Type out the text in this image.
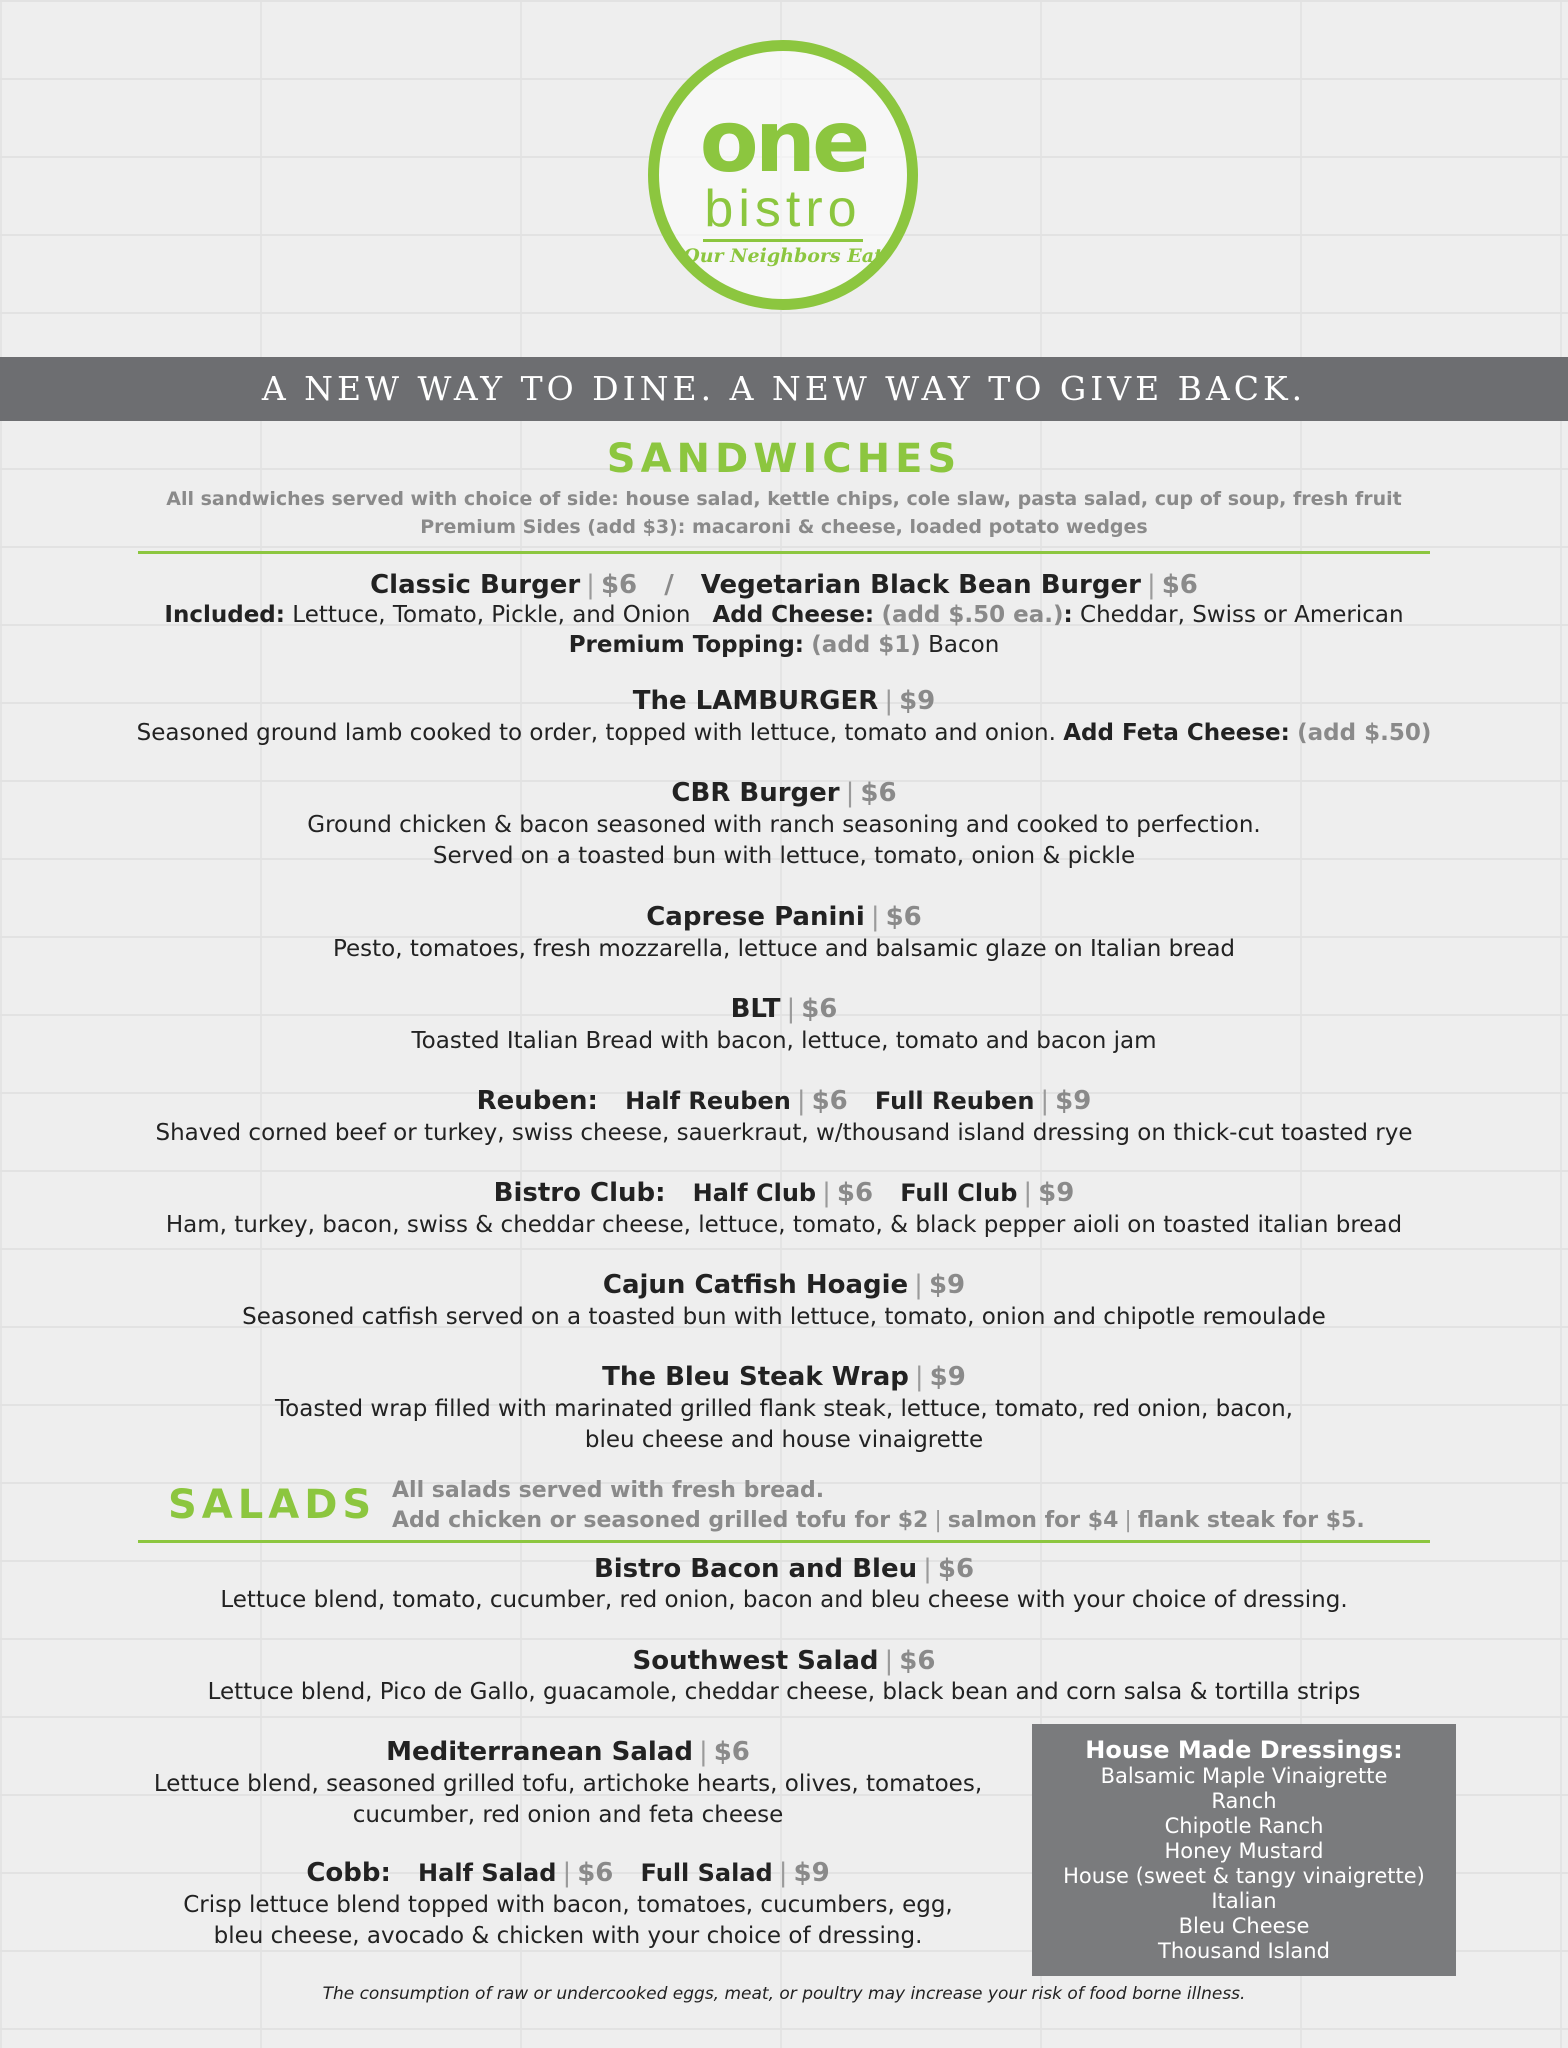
one
bistro
Our Neighbors Eat
A NEW WAY TO DINE. A NEW WAY TO GIVE BACK.
SANDWICHES
All sandwiches served with choice of side: house salad, kettle chips, cole slaw, pasta salad, cup of soup, fresh fruit
Premium Sides (add $3): macaroni & cheese, loaded potato wedges
Classic Burger | $6 / Vegetarian Black Bean Burger | $6
Included: Lettuce, Tomato, Pickle, and Onion Add Cheese: (add $.50 ea.): Cheddar, Swiss or American
Premium Topping: (add $1) Bacon
The LAMBURGER | $9
Seasoned ground lamb cooked to order, topped with lettuce, tomato and onion. Add Feta Cheese: (add $.50)
CBR Burger | $6
Ground chicken & bacon seasoned with ranch seasoning and cooked to perfection.
Served on a toasted bun with lettuce, tomato, onion & pickle
Caprese Panini | $6
Pesto, tomatoes, fresh mozzarella, lettuce and balsamic glaze on Italian bread
BLT | $6
Toasted Italian Bread with bacon, lettuce, tomato and bacon jam
Reuben: Half Reuben | $6 Full Reuben | $9
Shaved corned beef or turkey, swiss cheese, sauerkraut, w/thousand island dressing on thick-cut toasted rye
Bistro Club: Half Club | $6 Full Club | $9
Ham, turkey, bacon, swiss & cheddar cheese, lettuce, tomato, & black pepper aioli on toasted italian bread
Cajun Catfish Hoagie | $9
Seasoned catfish served on a toasted bun with lettuce, tomato, onion and chipotle remoulade
The Bleu Steak Wrap | $9
Toasted wrap filled with marinated grilled flank steak, lettuce, tomato, red onion, bacon,
bleu cheese and house vinaigrette
SALADS All salads served with fresh bread.
Add chicken or seasoned grilled tofu for $2 | salmon for $4 | flank steak for $5.
Bistro Bacon and Bleu | $6
Lettuce blend, tomato, cucumber, red onion, bacon and bleu cheese with your choice of dressing.
Southwest Salad | $6
Lettuce blend, Pico de Gallo, guacamole, cheddar cheese, black bean and corn salsa & tortilla strips
Mediterranean Salad | $6
Lettuce blend, seasoned grilled tofu, artichoke hearts, olives, tomatoes,
cucumber, red onion and feta cheese
Cobb: Half Salad | $6 Full Salad | $9
Crisp lettuce blend topped with bacon, tomatoes, cucumbers, egg,
bleu cheese, avocado & chicken with your choice of dressing.
House Made Dressings:
Balsamic Maple Vinaigrette
Ranch
Chipotle Ranch
Honey Mustard
House (sweet & tangy vinaigrette)
Italian
Bleu Cheese
Thousand Island
The consumption of raw or undercooked eggs, meat, or poultry may increase your risk of food borne illness.
